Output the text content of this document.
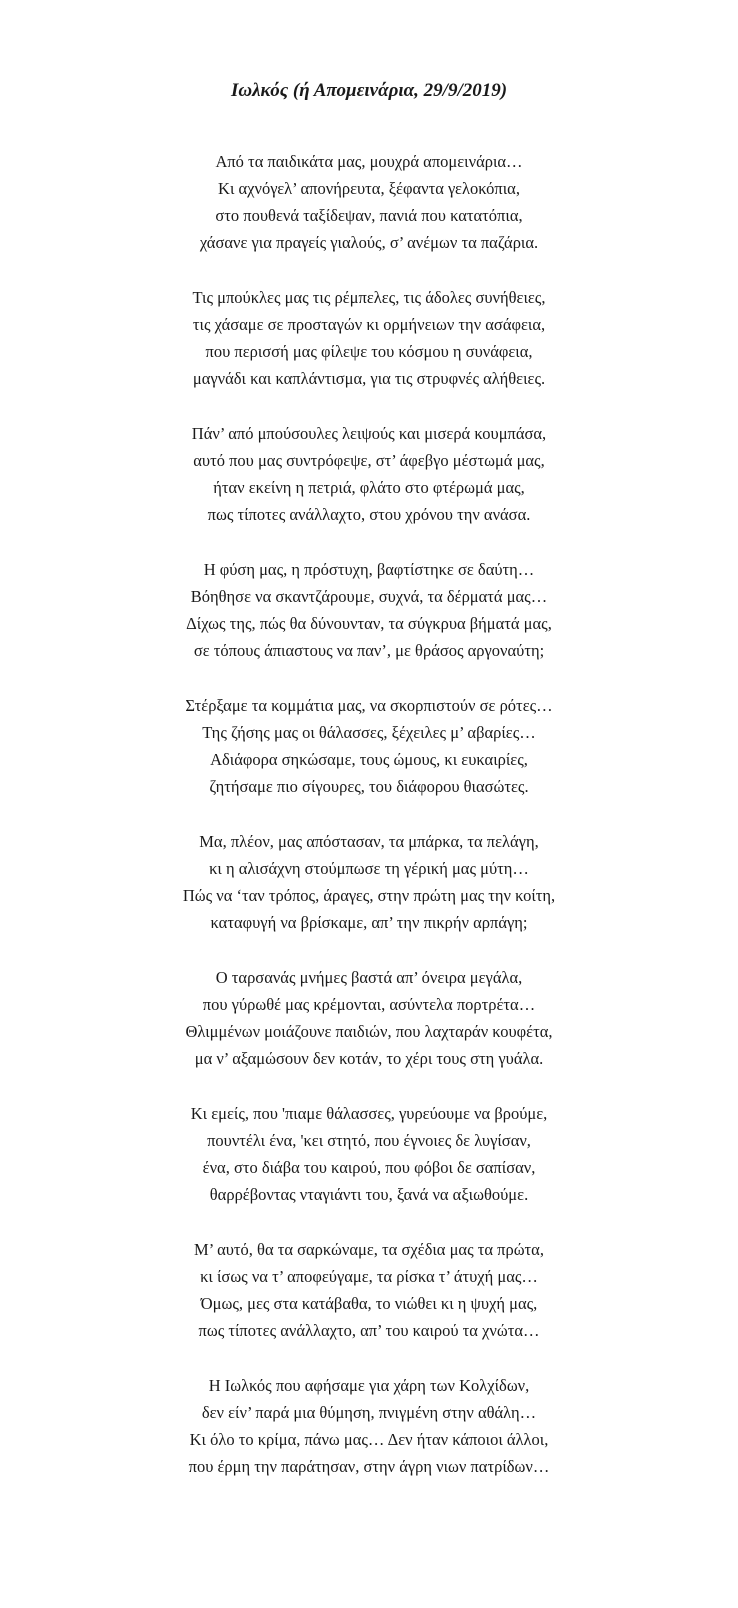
Ιωλκός (ή Απομεινάρια, 29/9/2019)
Από τα παιδικάτα μας, μουχρά απομεινάρια…
Κι αχνόγελ’ απονήρευτα, ξέφαντα γελοκόπια,
στο πουθενά ταξίδεψαν, πανιά που κατατόπια,
χάσανε για πραγείς γιαλούς, σ’ ανέμων τα παζάρια.
Τις μπούκλες μας τις ρέμπελες, τις άδολες συνήθειες,
τις χάσαμε σε προσταγών κι ορμήνειων την ασάφεια,
που περισσή μας φίλεψε του κόσμου η συνάφεια,
μαγνάδι και καπλάντισμα, για τις στρυφνές αλήθειες.
Πάν’ από μπούσουλες λειψούς και μισερά κουμπάσα,
αυτό που μας συντρόφεψε, στ’ άφεβγο μέστωμά μας,
ήταν εκείνη η πετριά, φλάτο στο φτέρωμά μας,
πως τίποτες ανάλλαχτο, στου χρόνου την ανάσα.
Η φύση μας, η πρόστυχη, βαφτίστηκε σε δαύτη…
Βόηθησε να σκαντζάρουμε, συχνά, τα δέρματά μας…
Δίχως της, πώς θα δύνουνταν, τα σύγκρυα βήματά μας,
σε τόπους άπιαστους να παν’, με θράσος αργοναύτη;
Στέρξαμε τα κομμάτια μας, να σκορπιστούν σε ρότες…
Της ζήσης μας οι θάλασσες, ξέχειλες μ’ αβαρίες…
Αδιάφορα σηκώσαμε, τους ώμους, κι ευκαιρίες,
ζητήσαμε πιο σίγουρες, του διάφορου θιασώτες.
Μα, πλέον, μας απόστασαν, τα μπάρκα, τα πελάγη,
κι η αλισάχνη στούμπωσε τη γέρική μας μύτη…
Πώς να ‘ταν τρόπος, άραγες, στην πρώτη μας την κοίτη,
καταφυγή να βρίσκαμε, απ’ την πικρήν αρπάγη;
Ο ταρσανάς μνήμες βαστά απ’ όνειρα μεγάλα,
που γύρωθέ μας κρέμονται, ασύντελα πορτρέτα…
Θλιμμένων μοιάζουνε παιδιών, που λαχταράν κουφέτα,
μα ν’ αξαμώσουν δεν κοτάν, το χέρι τους στη γυάλα.
Κι εμείς, που 'πιαμε θάλασσες, γυρεύουμε να βρούμε,
πουντέλι ένα, 'κει στητό, που έγνοιες δε λυγίσαν,
ένα, στο διάβα του καιρού, που φόβοι δε σαπίσαν,
θαρρέβοντας νταγιάντι του, ξανά να αξιωθούμε.
Μ’ αυτό, θα τα σαρκώναμε, τα σχέδια μας τα πρώτα,
κι ίσως να τ’ αποφεύγαμε, τα ρίσκα τ’ άτυχή μας…
Όμως, μες στα κατάβαθα, το νιώθει κι η ψυχή μας,
πως τίποτες ανάλλαχτο, απ’ του καιρού τα χνώτα…
Η Ιωλκός που αφήσαμε για χάρη των Κολχίδων,
δεν είν’ παρά μια θύμηση, πνιγμένη στην αθάλη…
Κι όλο το κρίμα, πάνω μας… Δεν ήταν κάποιοι άλλοι,
που έρμη την παράτησαν, στην άγρη νιων πατρίδων…
